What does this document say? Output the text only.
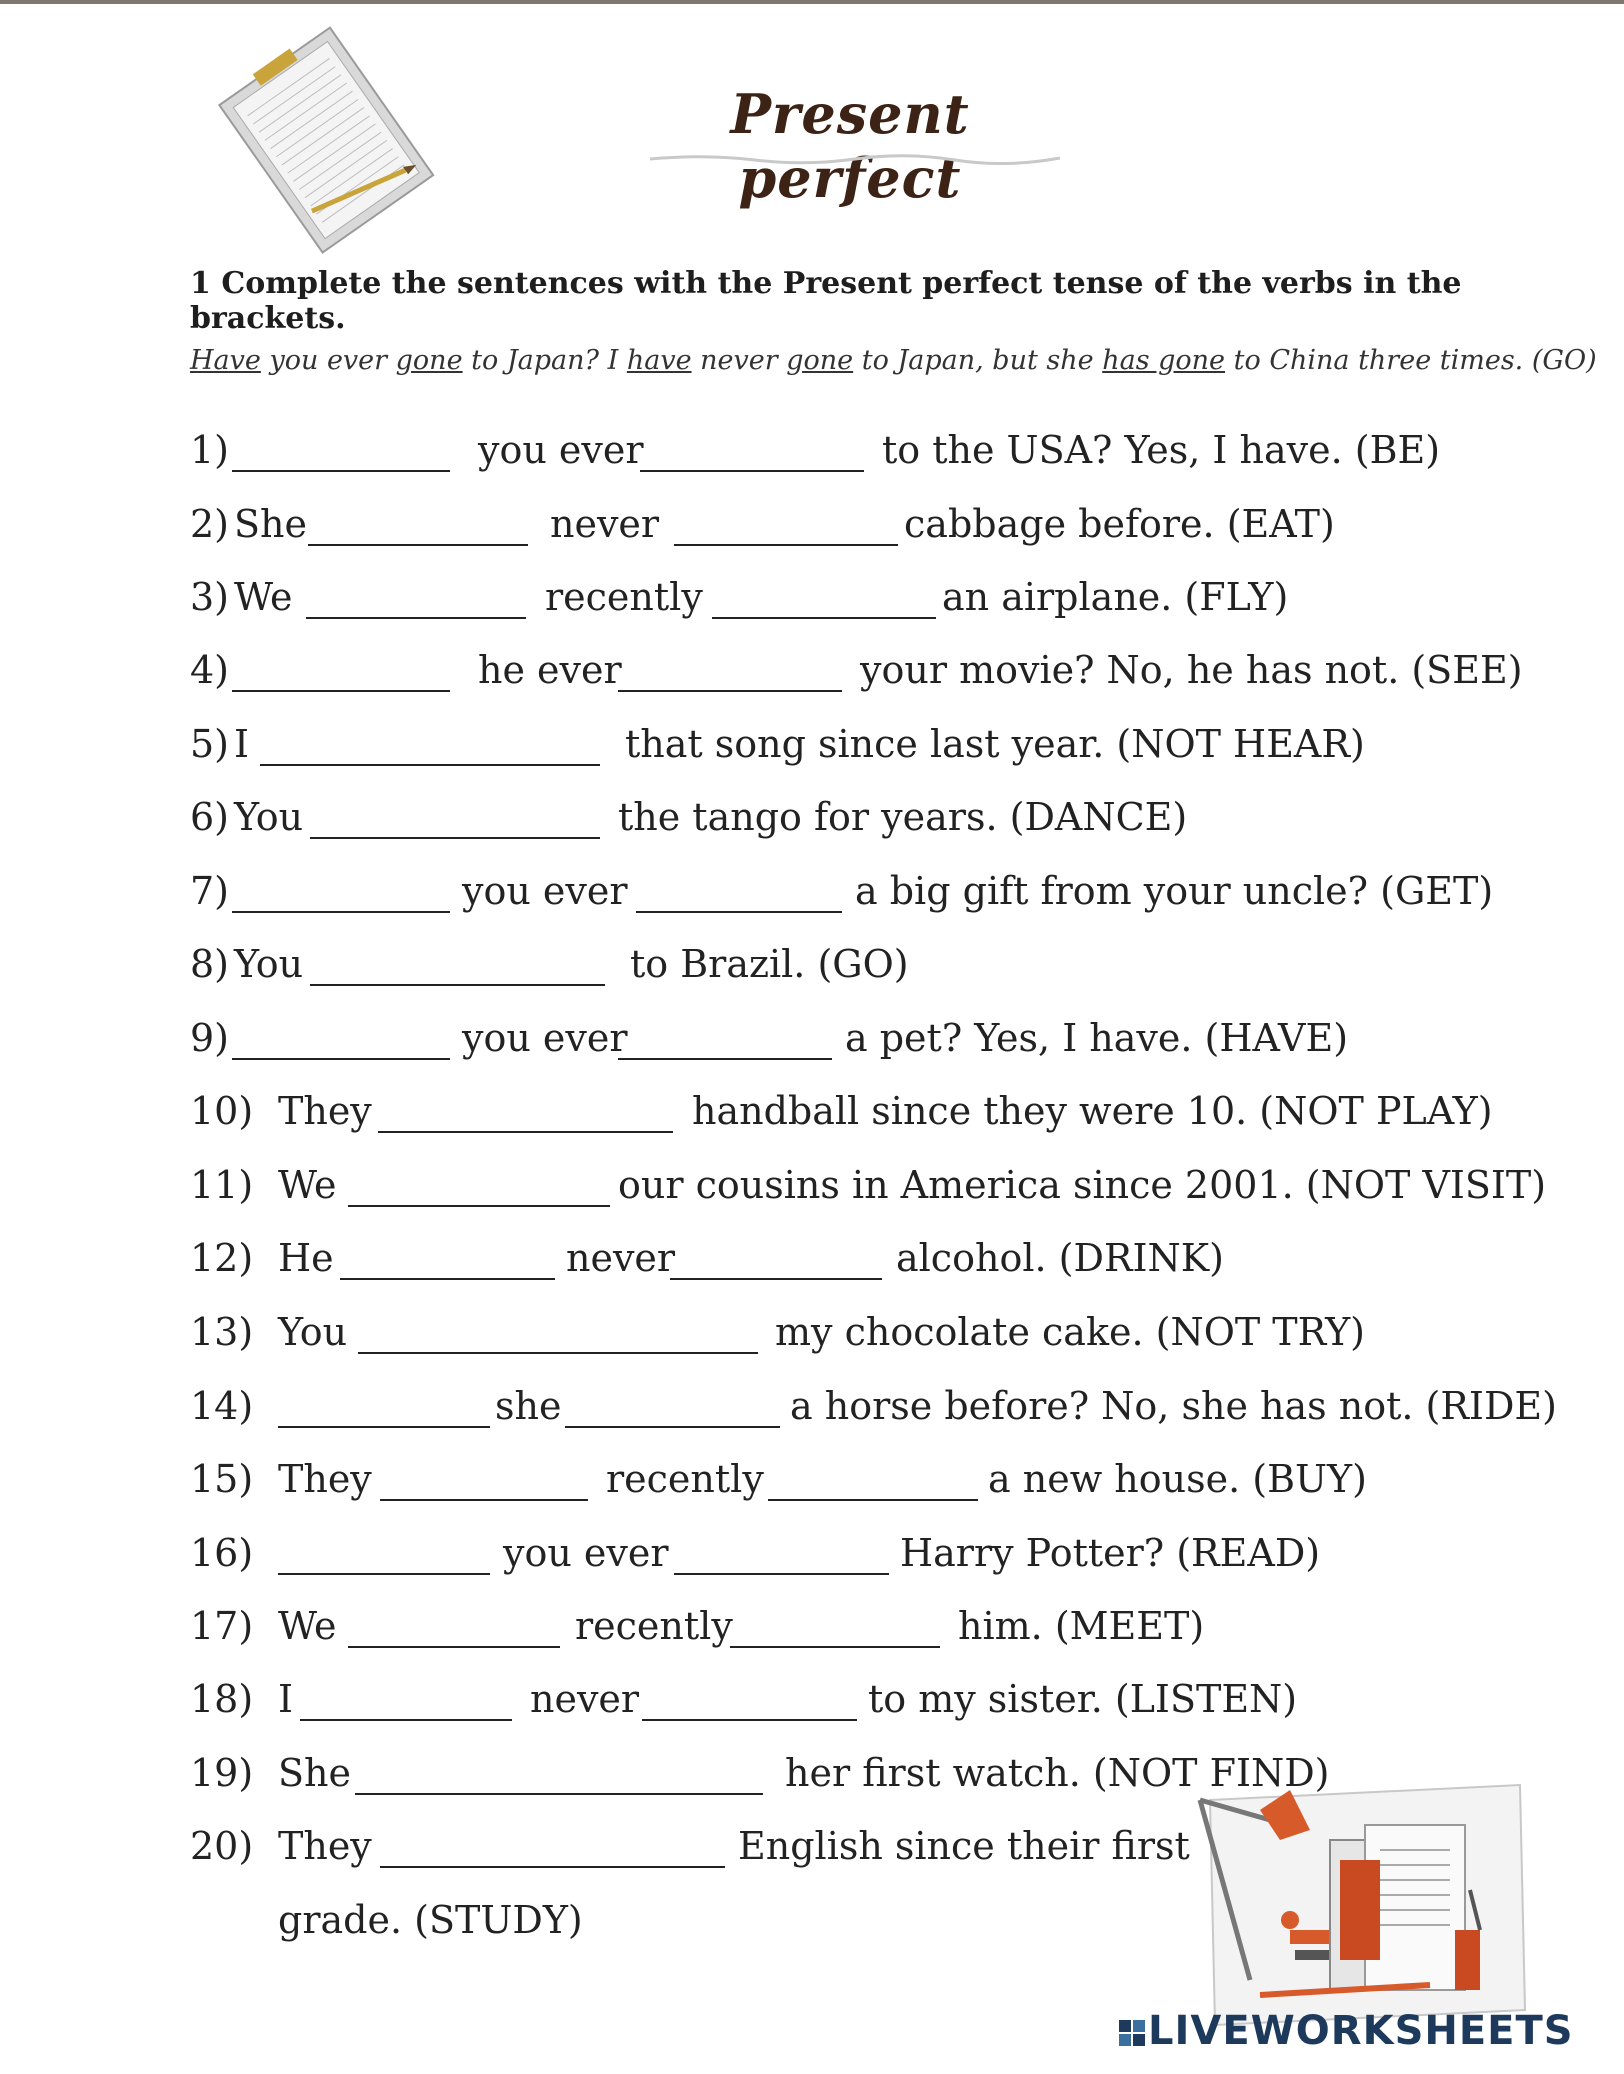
Present perfect
1 Complete the sentences with the Present perfect tense of the verbs in the brackets.
Have you ever gone to Japan? I have never gone to Japan, but she has gone to China three times. (GO)
1)	you ever	to the USA? Yes, I have. (BE)
2) She	never	cabbage before. (EAT)
3) We	recently	an airplane. (FLY)
4)	he ever	your movie? No, he has not. (SEE)
5) I	that song since last year. (NOT HEAR)
6) You	the tango for years. (DANCE)
7)	you ever	a big gift from your uncle? (GET)
8) You	to Brazil. (GO)
9)	you ever	a pet? Yes, I have. (HAVE)
10) They	handball since they were 10. (NOT PLAY)
11) We	our cousins in America since 2001. (NOT VISIT)
12) He	never	alcohol. (DRINK)
13) You	my chocolate cake. (NOT TRY)
14)	she	a horse before? No, she has not. (RIDE)
15) They	recently	a new house. (BUY)
16)	you ever	Harry Potter? (READ)
17) We	recently	him. (MEET)
18) I	never	to my sister. (LISTEN)
19) She	her first watch. (NOT FIND)
20) They	English since their first
grade. (STUDY)
LIVEWORKSHEETS
